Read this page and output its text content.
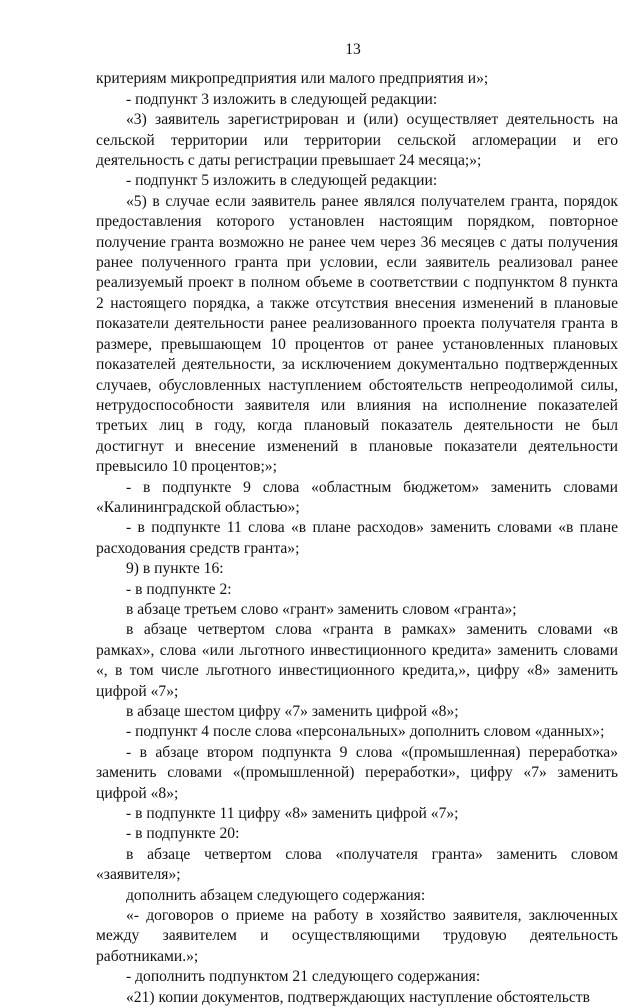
13

критериям микропредприятия или малого предприятия и»;

- подпункт 3 изложить в следующей редакции:

«3) заявитель зарегистрирован и (или) осуществляет деятельность на сельской территории или территории сельской агломерации и его деятельность с даты регистрации превышает 24 месяца;»;

- подпункт 5 изложить в следующей редакции:

«5) в случае если заявитель ранее являлся получателем гранта, порядок предоставления которого установлен настоящим порядком, повторное получение гранта возможно не ранее чем через 36 месяцев с даты получения ранее полученного гранта при условии, если заявитель реализовал ранее реализуемый проект в полном объеме в соответствии с подпунктом 8 пункта 2 настоящего порядка, а также отсутствия внесения изменений в плановые показатели деятельности ранее реализованного проекта получателя гранта в размере, превышающем 10 процентов от ранее установленных плановых показателей деятельности, за исключением документально подтвержденных случаев, обусловленных наступлением обстоятельств непреодолимой силы, нетрудоспособности заявителя или влияния на исполнение показателей третьих лиц в году, когда плановый показатель деятельности не был достигнут и внесение изменений в плановые показатели деятельности превысило 10 процентов;»;

- в подпункте 9 слова «областным бюджетом» заменить словами «Калининградской областью»;

- в подпункте 11 слова «в плане расходов» заменить словами «в плане расходования средств гранта»;

9) в пункте 16:

- в подпункте 2:

в абзаце третьем слово «грант» заменить словом «гранта»;

в абзаце четвертом слова «гранта в рамках» заменить словами «в рамках», слова «или льготного инвестиционного кредита» заменить словами «, в том числе льготного инвестиционного кредита,», цифру «8» заменить цифрой «7»;

в абзаце шестом цифру «7» заменить цифрой «8»;

- подпункт 4 после слова «персональных» дополнить словом «данных»;

- в абзаце втором подпункта 9 слова «(промышленная) переработка» заменить словами «(промышленной) переработки», цифру «7» заменить цифрой «8»;

- в подпункте 11 цифру «8» заменить цифрой «7»;

- в подпункте 20:

в абзаце четвертом слова «получателя гранта» заменить словом «заявителя»;

дополнить абзацем следующего содержания:

«- договоров о приеме на работу в хозяйство заявителя, заключенных между заявителем и осуществляющими трудовую деятельность работниками.»;

- дополнить подпунктом 21 следующего содержания:

«21) копии документов, подтверждающих наступление обстоятельств
